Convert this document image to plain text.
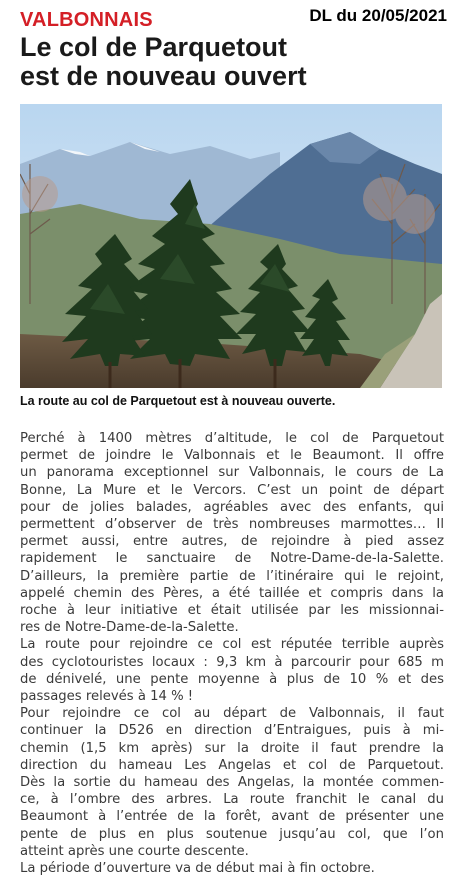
DL du 20/05/2021
VALBONNAIS
Le col de Parquetout
est de nouveau ouvert
La route au col de Parquetout est à nouveau ouverte.
Perché à 1400 mètres d’altitude, le col de Parquetout
permet de joindre le Valbonnais et le Beaumont. Il offre
un panorama exceptionnel sur Valbonnais, le cours de La
Bonne, La Mure et le Vercors. C’est un point de départ
pour de jolies balades, agréables avec des enfants, qui
permettent d’observer de très nombreuses marmottes… Il
permet aussi, entre autres, de rejoindre à pied assez
rapidement le sanctuaire de Notre-Dame-de-la-Salette.
D’ailleurs, la première partie de l’itinéraire qui le rejoint,
appelé chemin des Pères, a été taillée et compris dans la
roche à leur initiative et était utilisée par les missionnai-
res de Notre-Dame-de-la-Salette.
La route pour rejoindre ce col est réputée terrible auprès
des cyclotouristes locaux : 9,3 km à parcourir pour 685 m
de dénivelé, une pente moyenne à plus de 10 % et des
passages relevés à 14 % !
Pour rejoindre ce col au départ de Valbonnais, il faut
continuer la D526 en direction d’Entraigues, puis à mi-
chemin (1,5 km après) sur la droite il faut prendre la
direction du hameau Les Angelas et col de Parquetout.
Dès la sortie du hameau des Angelas, la montée commen-
ce, à l’ombre des arbres. La route franchit le canal du
Beaumont à l’entrée de la forêt, avant de présenter une
pente de plus en plus soutenue jusqu’au col, que l’on
atteint après une courte descente.
La période d’ouverture va de début mai à fin octobre.
